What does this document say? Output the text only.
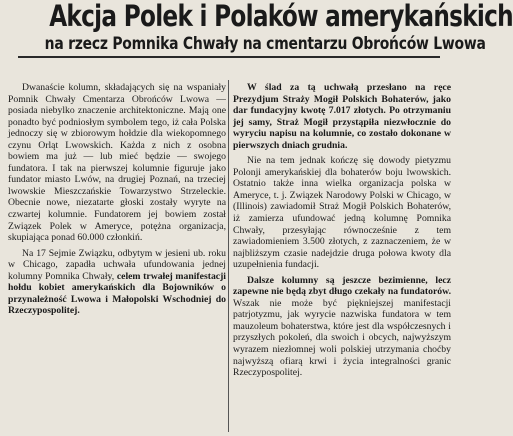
Akcja Polek i Polaków amerykańskich
na rzecz Pomnika Chwały na cmentarzu Obrońców Lwowa

Dwanaście kolumn, składających się na wspaniały Pomnik Chwały Cmentarza Obrońców Lwowa — posiada niebylko znaczenie architektoniczne. Mają one ponadto być podniosłym symbolem tego, iż cała Polska jednoczy się w zbiorowym hołdzie dla wiekopomnego czynu Orląt Lwowskich. Każda z nich z osobna bowiem ma już — lub mieć będzie — swojego fundatora. I tak na pierwszej kolumnie figuruje jako fundator miasto Lwów, na drugiej Poznań, na trzeciej lwowskie Mieszczańskie Towarzystwo Strzeleckie. Obecnie nowe, niezatarte głoski zostały wyryte na czwartej kolumnie. Fundatorem jej bowiem został Związek Polek w Ameryce, potężna organizacja, skupiająca ponad 60.000 członkiń.

Na 17 Sejmie Związku, odbytym w jesieni ub. roku w Chicago, zapadła uchwała ufundowania jednej kolumny Pomnika Chwały, celem trwałej manifestacji hołdu kobiet amerykańskich dla Bojowników o przynależność Lwowa i Małopolski Wschodniej do Rzeczypospolitej.

W ślad za tą uchwałą przesłano na ręce Prezydjum Straży Mogił Polskich Bohaterów, jako dar fundacyjny kwotę 7.017 złotych. Po otrzymaniu jej samy, Straż Mogił przystąpiła niezwłocznie do wyryciu napisu na kolumnie, co zostało dokonane w pierwszych dniach grudnia.

Nie na tem jednak kończę się dowody pietyzmu Polonji amerykańskiej dla bohaterów boju lwowskich. Ostatnio także inna wielka organizacja polska w Ameryce, t. j. Związek Narodowy Polski w Chicago, w (Illinois) zawiadomił Straż Mogił Polskich Bohaterów, iż zamierza ufundować jedną kolumnę Pomnika Chwały, przesyłając równocześnie z tem zawiadomieniem 3.500 złotych, z zaznaczeniem, że w najbliższym czasie nadejdzie druga połowa kwoty dla uzupełnienia fundacji.

Dalsze kolumny są jeszcze bezimienne, lecz zapewne nie będą zbyt długo czekały na fundatorów. Wszak nie może być piękniejszej manifestacji patrjotyzmu, jak wyrycie nazwiska fundatora w tem mauzoleum bohaterstwa, które jest dla współczesnych i przyszłych pokoleń, dla swoich i obcych, najwyższym wyrazem niezłomnej woli polskiej utrzymania choćby najwyższą ofiarą krwi i życia integralności granic Rzeczypospolitej.
